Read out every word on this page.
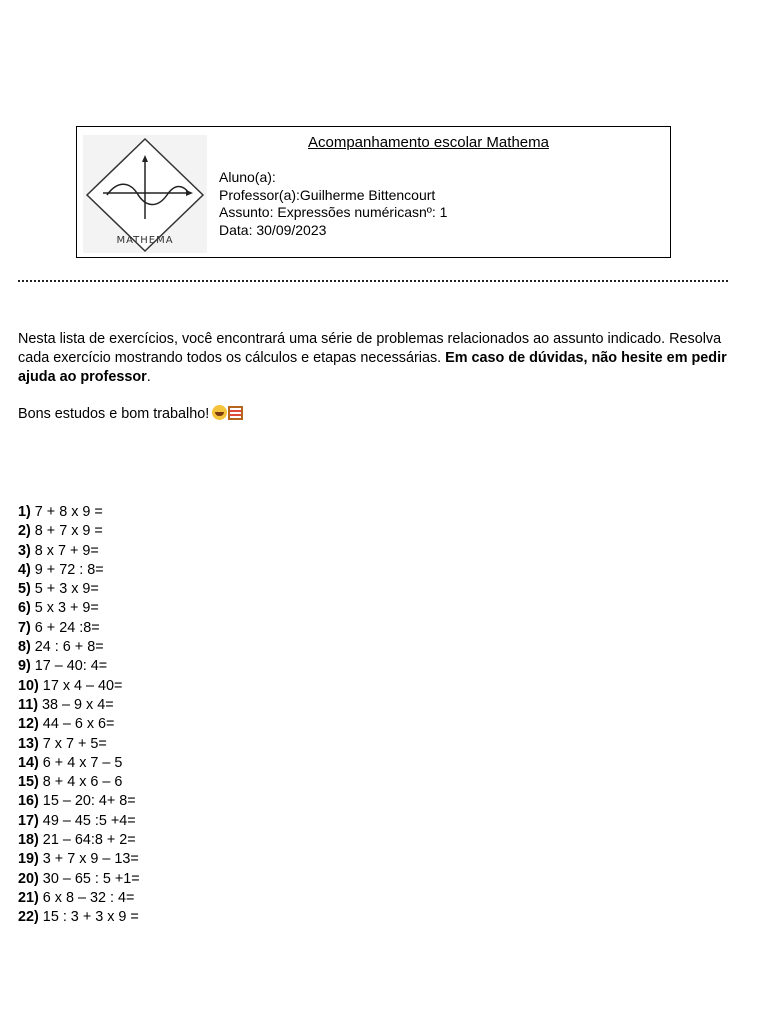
MATHEMA
Acompanhamento escolar Mathema
Aluno(a):
Professor(a):Guilherme Bittencourt
Assunto: Expressões numéricasnº: 1
Data: 30/09/2023

Nesta lista de exercícios, você encontrará uma série de problemas relacionados ao assunto indicado. Resolva cada exercício mostrando todos os cálculos e etapas necessárias. Em caso de dúvidas, não hesite em pedir ajuda ao professor.

Bons estudos e bom trabalho!
1) 7 + 8 x 9 =
2) 8 + 7 x 9 =
3) 8 x 7 + 9=
4) 9 + 72 : 8=
5) 5 + 3 x 9=
6) 5 x 3 + 9=
7) 6 + 24 :8=
8) 24 : 6 + 8=
9) 17 – 40: 4=
10) 17 x 4 – 40=
11) 38 – 9 x 4=
12) 44 – 6 x 6=
13) 7 x 7 + 5=
14) 6 + 4 x 7 – 5
15) 8 + 4 x 6 – 6
16) 15 – 20: 4+ 8=
17) 49 – 45 :5 +4=
18) 21 – 64:8 + 2=
19) 3 + 7 x 9 – 13=
20) 30 – 65 : 5 +1=
21) 6 x 8 – 32 : 4=
22) 15 : 3 + 3 x 9 =
